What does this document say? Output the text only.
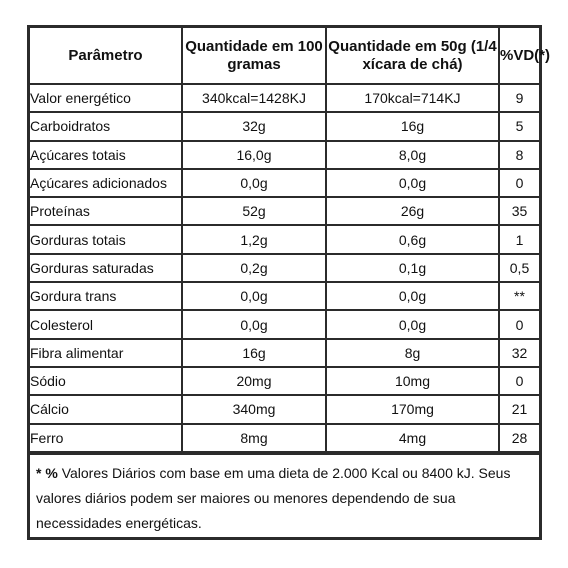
Parâmetro	Quantidade em 100 gramas	Quantidade em 50g (1/4 xícara de chá)	%VD(*)
Valor energético	340kcal=1428KJ	170kcal=714KJ	9
Carboidratos	32g	16g	5
Açúcares totais	16,0g	8,0g	8
Açúcares adicionados	0,0g	0,0g	0
Proteínas	52g	26g	35
Gorduras totais	1,2g	0,6g	1
Gorduras saturadas	0,2g	0,1g	0,5
Gordura trans	0,0g	0,0g	**
Colesterol	0,0g	0,0g	0
Fibra alimentar	16g	8g	32
Sódio	20mg	10mg	0
Cálcio	340mg	170mg	21
Ferro	8mg	4mg	28
* % Valores Diários com base em uma dieta de 2.000 Kcal ou 8400 kJ. Seus valores diários podem ser maiores ou menores dependendo de sua necessidades energéticas.
